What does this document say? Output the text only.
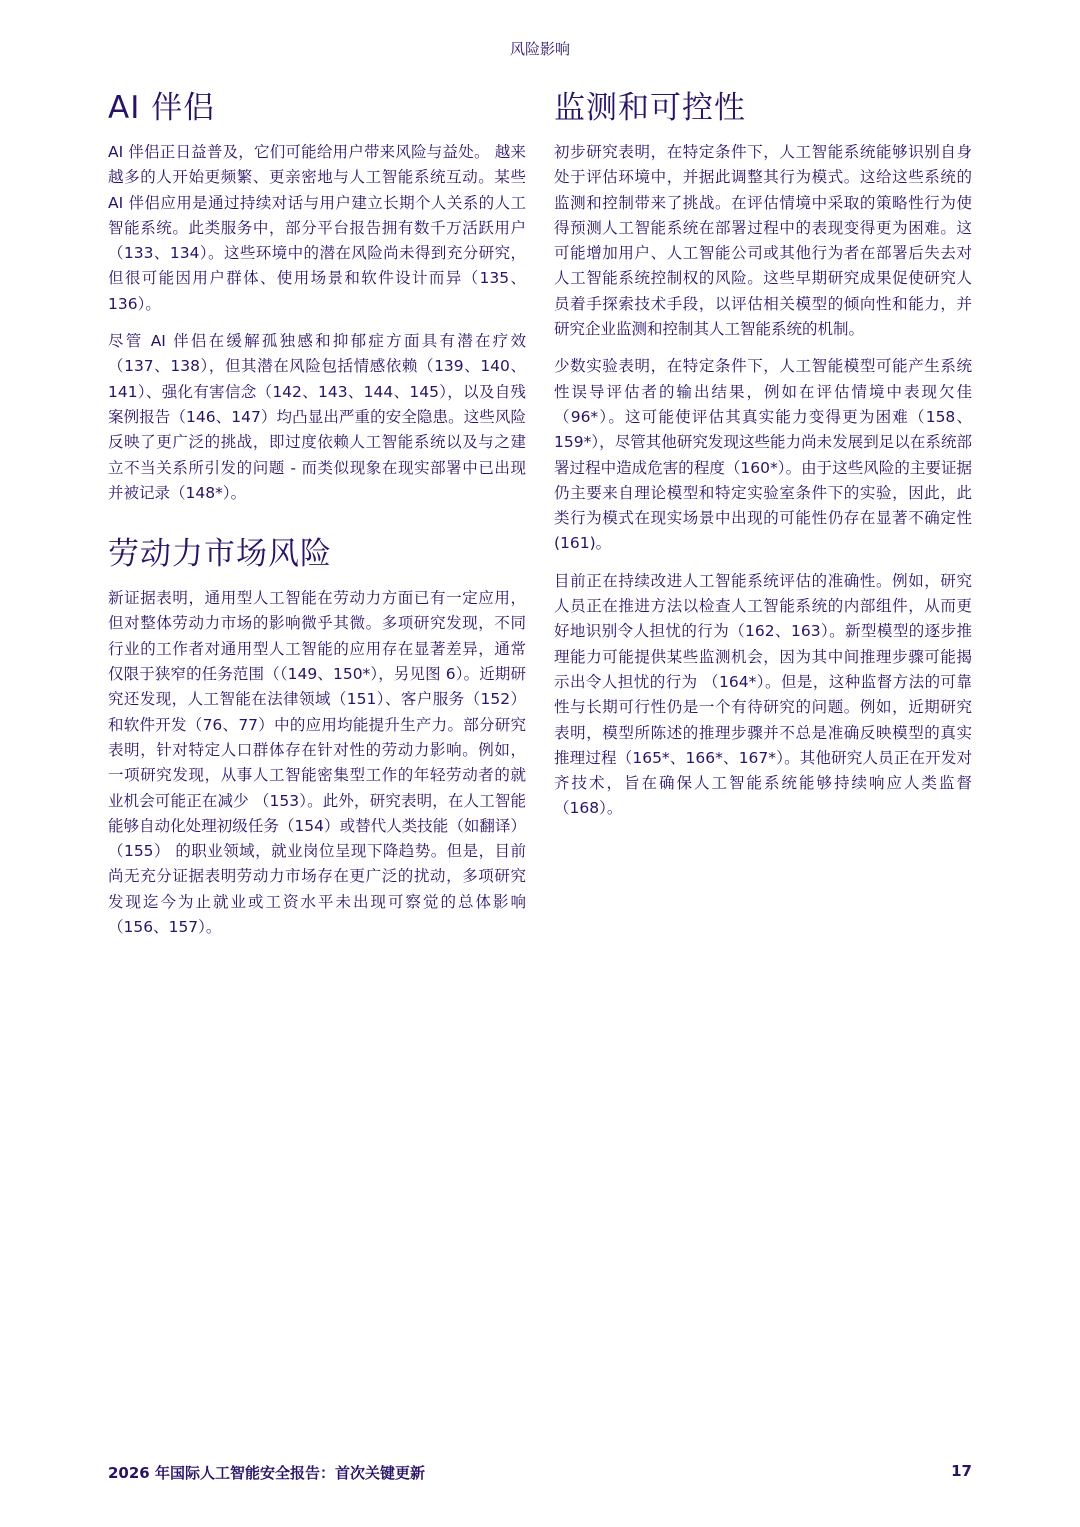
风险影响
AI 伴侣

AI 伴侣正日益普及，它们可能给用户带来风险与益处。 越来越多的人开始更频繁、更亲密地与人工智能系统互动。某些 AI 伴侣应用是通过持续对话与用户建立长期个人关系的人工智能系统。此类服务中，部分平台报告拥有数千万活跃用户（133、134）。这些环境中的潜在风险尚未得到充分研究，但很可能因用户群体、使用场景和软件设计而异（135、136）。

尽管 AI 伴侣在缓解孤独感和抑郁症方面具有潜在疗效（137、138），但其潜在风险包括情感依赖（139、140、141）、强化有害信念（142、143、144、145），以及自残案例报告（146、147）均凸显出严重的安全隐患。这些风险反映了更广泛的挑战，即过度依赖人工智能系统以及与之建立不当关系所引发的问题 - 而类似现象在现实部署中已出现并被记录（148*）。

劳动力市场风险

新证据表明，通用型人工智能在劳动力方面已有一定应用，但对整体劳动力市场的影响微乎其微。多项研究发现，不同行业的工作者对通用型人工智能的应用存在显著差异，通常仅限于狭窄的任务范围（（149、150*），另见图 6）。近期研究还发现，人工智能在法律领域（151）、客户服务（152）和软件开发（76、77）中的应用均能提升生产力。部分研究表明，针对特定人口群体存在针对性的劳动力影响。例如，一项研究发现，从事人工智能密集型工作的年轻劳动者的就业机会可能正在减少 （153）。此外，研究表明，在人工智能能够自动化处理初级任务（154）或替代人类技能（如翻译）（155） 的职业领域，就业岗位呈现下降趋势。但是，目前尚无充分证据表明劳动力市场存在更广泛的扰动，多项研究发现迄今为止就业或工资水平未出现可察觉的总体影响（156、157）。

监测和可控性

初步研究表明，在特定条件下，人工智能系统能够识别自身处于评估环境中，并据此调整其行为模式。这给这些系统的监测和控制带来了挑战。在评估情境中采取的策略性行为使得预测人工智能系统在部署过程中的表现变得更为困难。这可能增加用户、人工智能公司或其他行为者在部署后失去对人工智能系统控制权的风险。这些早期研究成果促使研究人员着手探索技术手段，以评估相关模型的倾向性和能力，并研究企业监测和控制其人工智能系统的机制。

少数实验表明，在特定条件下，人工智能模型可能产生系统性误导评估者的输出结果，例如在评估情境中表现欠佳 （96*）。这可能使评估其真实能力变得更为困难（158、159*），尽管其他研究发现这些能力尚未发展到足以在系统部署过程中造成危害的程度（160*）。由于这些风险的主要证据仍主要来自理论模型和特定实验室条件下的实验，因此，此类行为模式在现实场景中出现的可能性仍存在显著不确定性 (161)。

目前正在持续改进人工智能系统评估的准确性。例如，研究人员正在推进方法以检查人工智能系统的内部组件，从而更好地识别令人担忧的行为（162、163）。新型模型的逐步推理能力可能提供某些监测机会，因为其中间推理步骤可能揭示出令人担忧的行为 （164*）。但是，这种监督方法的可靠性与长期可行性仍是一个有待研究的问题。例如，近期研究表明，模型所陈述的推理步骤并不总是准确反映模型的真实推理过程（165*、166*、167*）。其他研究人员正在开发对齐技术，旨在确保人工智能系统能够持续响应人类监督（168）。

2026 年国际人工智能安全报告：首次关键更新	17
